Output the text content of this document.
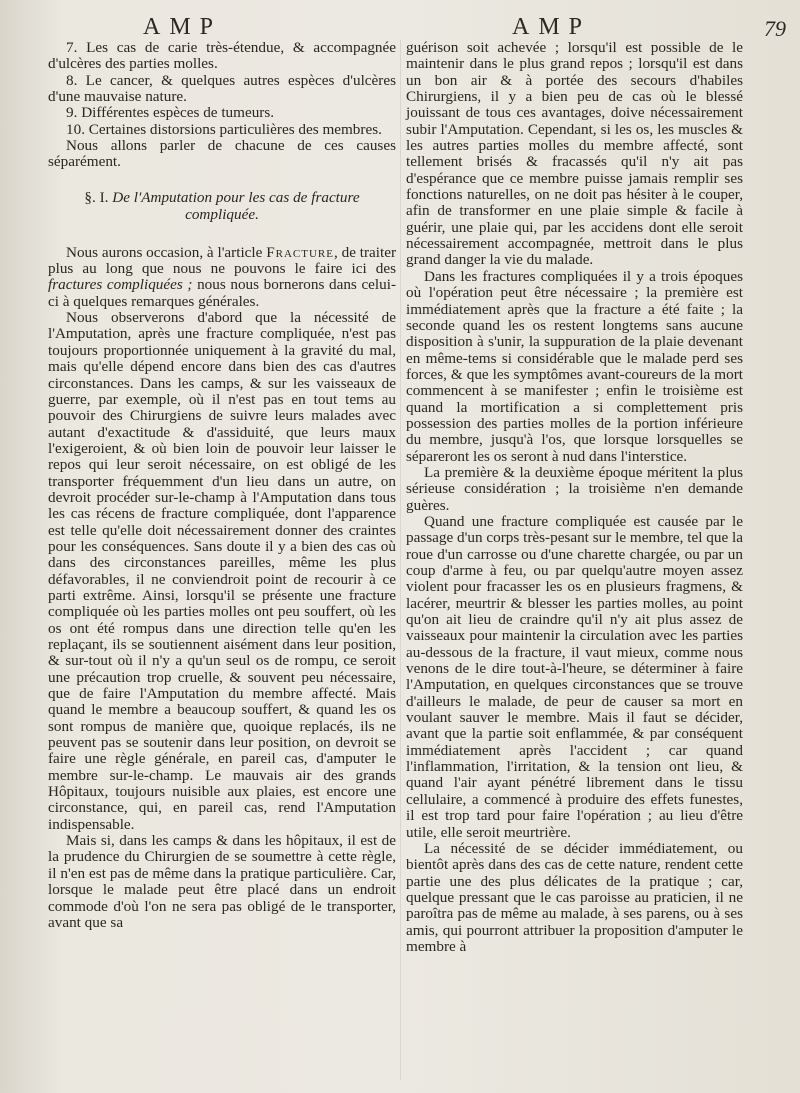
AMP	AMP	79

7. Les cas de carie très-étendue, & accompagnée d'ulcères des parties molles.

8. Le cancer, & quelques autres espèces d'ulcères d'une mauvaise nature.

9. Différentes espèces de tumeurs.

10. Certaines distorsions particulières des membres.

Nous allons parler de chacune de ces causes séparément.

§. I. De l'Amputation pour les cas de fracture compliquée.

Nous aurons occasion, à l'article Fracture, de traiter plus au long que nous ne pouvons le faire ici des fractures compliquées ; nous nous bornerons dans celui-ci à quelques remarques générales.

Nous observerons d'abord que la nécessité de l'Amputation, après une fracture compliquée, n'est pas toujours proportionnée uniquement à la gravité du mal, mais qu'elle dépend encore dans bien des cas d'autres circonstances. Dans les camps, & sur les vaisseaux de guerre, par exemple, où il n'est pas en tout tems au pouvoir des Chirurgiens de suivre leurs malades avec autant d'exactitude & d'assiduité, que leurs maux l'exigeroient, & où bien loin de pouvoir leur laisser le repos qui leur seroit nécessaire, on est obligé de les transporter fréquemment d'un lieu dans un autre, on devroit procéder sur-le-champ à l'Amputation dans tous les cas récens de fracture compliquée, dont l'apparence est telle qu'elle doit nécessairement donner des craintes pour les conséquences. Sans doute il y a bien des cas où dans des circonstances pareilles, même les plus défavorables, il ne conviendroit point de recourir à ce parti extrême. Ainsi, lorsqu'il se présente une fracture compliquée où les parties molles ont peu souffert, où les os ont été rompus dans une direction telle qu'en les replaçant, ils se soutiennent aisément dans leur position, & sur-tout où il n'y a qu'un seul os de rompu, ce seroit une précaution trop cruelle, & souvent peu nécessaire, que de faire l'Amputation du membre affecté. Mais quand le membre a beaucoup souffert, & quand les os sont rompus de manière que, quoique replacés, ils ne peuvent pas se soutenir dans leur position, on devroit se faire une règle générale, en pareil cas, d'amputer le membre sur-le-champ. Le mauvais air des grands Hôpitaux, toujours nuisible aux plaies, est encore une circonstance, qui, en pareil cas, rend l'Amputation indispensable.

Mais si, dans les camps & dans les hôpitaux, il est de la prudence du Chirurgien de se soumettre à cette règle, il n'en est pas de même dans la pratique particulière. Car, lorsque le malade peut être placé dans un endroit commode d'où l'on ne sera pas obligé de le transporter, avant que sa

guérison soit achevée ; lorsqu'il est possible de le maintenir dans le plus grand repos ; lorsqu'il est dans un bon air & à portée des secours d'habiles Chirurgiens, il y a bien peu de cas où le blessé jouissant de tous ces avantages, doive nécessairement subir l'Amputation. Cependant, si les os, les muscles & les autres parties molles du membre affecté, sont tellement brisés & fracassés qu'il n'y ait pas d'espérance que ce membre puisse jamais remplir ses fonctions naturelles, on ne doit pas hésiter à le couper, afin de transformer en une plaie simple & facile à guérir, une plaie qui, par les accidens dont elle seroit nécessairement accompagnée, mettroit dans le plus grand danger la vie du malade.

Dans les fractures compliquées il y a trois époques où l'opération peut être nécessaire ; la première est immédiatement après que la fracture a été faite ; la seconde quand les os restent longtems sans aucune disposition à s'unir, la suppuration de la plaie devenant en même-tems si considérable que le malade perd ses forces, & que les symptômes avant-coureurs de la mort commencent à se manifester ; enfin le troisième est quand la mortification a si complettement pris possession des parties molles de la portion inférieure du membre, jusqu'à l'os, que lorsque lorsquelles se sépareront les os seront à nud dans l'interstice.

La première & la deuxième époque méritent la plus sérieuse considération ; la troisième n'en demande guères.

Quand une fracture compliquée est causée par le passage d'un corps très-pesant sur le membre, tel que la roue d'un carrosse ou d'une charette chargée, ou par un coup d'arme à feu, ou par quelqu'autre moyen assez violent pour fracasser les os en plusieurs fragmens, & lacérer, meurtrir & blesser les parties molles, au point qu'on ait lieu de craindre qu'il n'y ait plus assez de vaisseaux pour maintenir la circulation avec les parties au-dessous de la fracture, il vaut mieux, comme nous venons de le dire tout-à-l'heure, se déterminer à faire l'Amputation, en quelques circonstances que se trouve d'ailleurs le malade, de peur de causer sa mort en voulant sauver le membre. Mais il faut se décider, avant que la partie soit enflammée, & par conséquent immédiatement après l'accident ; car quand l'inflammation, l'irritation, & la tension ont lieu, & quand l'air ayant pénétré librement dans le tissu cellulaire, a commencé à produire des effets funestes, il est trop tard pour faire l'opération ; au lieu d'être utile, elle seroit meurtrière.

La nécessité de se décider immédiatement, ou bientôt après dans des cas de cette nature, rendent cette partie une des plus délicates de la pratique ; car, quelque pressant que le cas paroisse au praticien, il ne paroîtra pas de même au malade, à ses parens, ou à ses amis, qui pourront attribuer la proposition d'amputer le membre à
